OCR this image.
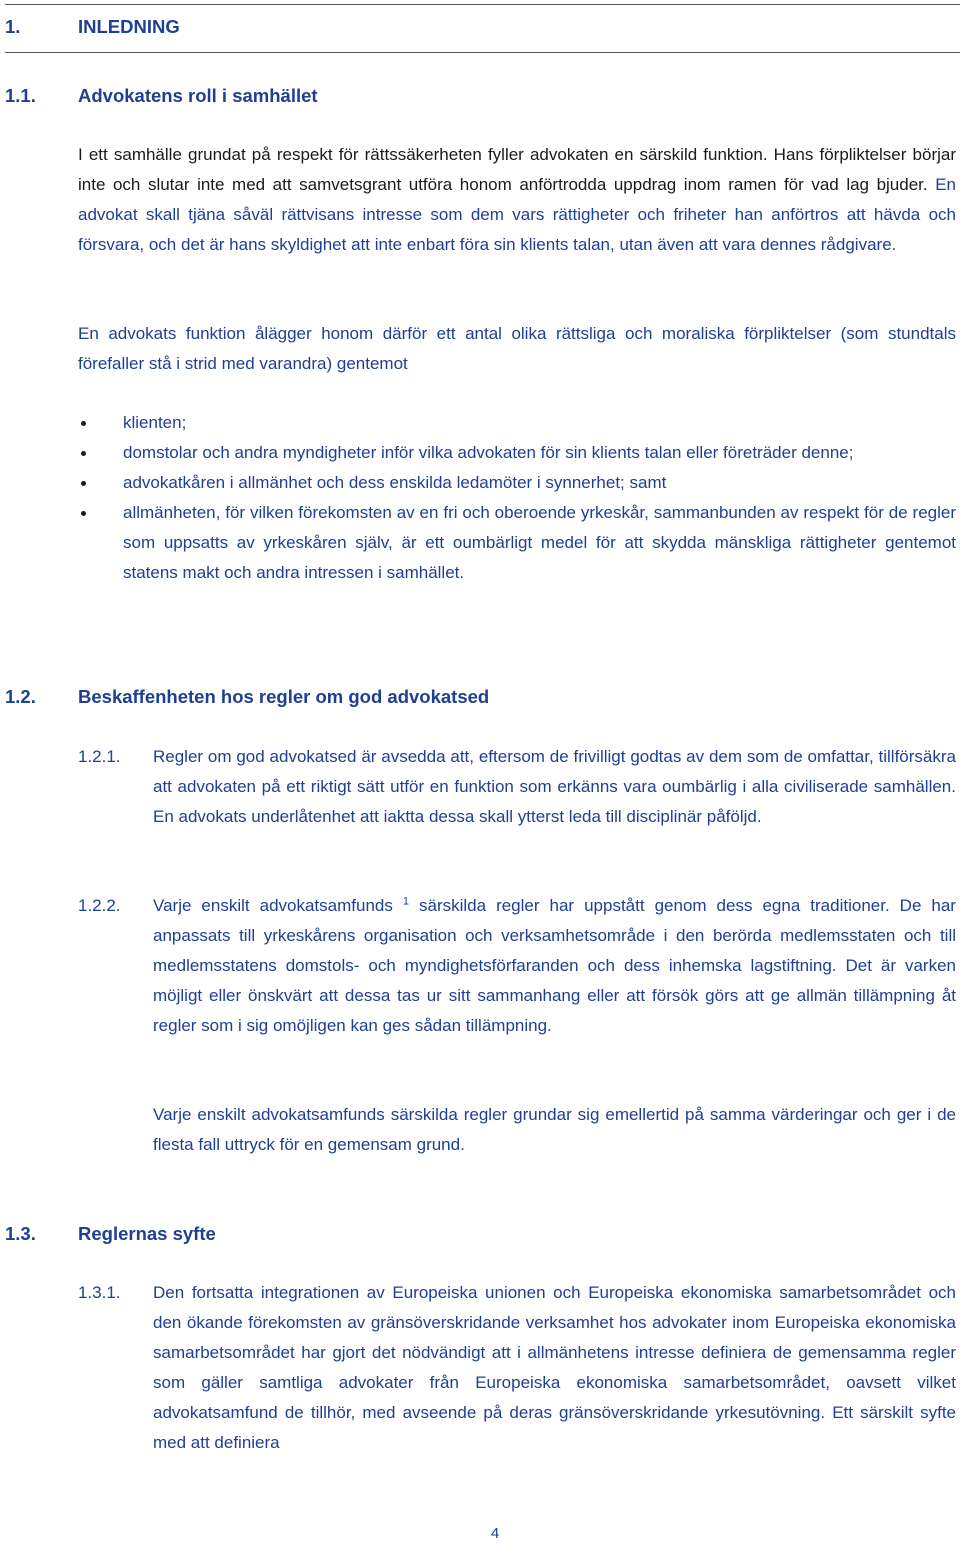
1.	INLEDNING
1.1. Advokatens roll i samhället

I ett samhälle grundat på respekt för rättssäkerheten fyller advokaten en särskild funktion. Hans förpliktelser börjar inte och slutar inte med att samvetsgrant utföra honom anförtrodda uppdrag inom ramen för vad lag bjuder. En advokat skall tjäna såväl rättvisans intresse som dem vars rättigheter och friheter han anförtros att hävda och försvara, och det är hans skyldighet att inte enbart föra sin klients talan, utan även att vara dennes rådgivare.

En advokats funktion ålägger honom därför ett antal olika rättsliga och moraliska förpliktelser (som stundtals förefaller stå i strid med varandra) gentemot

klienten;
domstolar och andra myndigheter inför vilka advokaten för sin klients talan eller företräder denne;
advokatkåren i allmänhet och dess enskilda ledamöter i synnerhet; samt
allmänheten, för vilken förekomsten av en fri och oberoende yrkeskår, sammanbunden av respekt för de regler som uppsatts av yrkeskåren själv, är ett oumbärligt medel för att skydda mänskliga rättigheter gentemot statens makt och andra intressen i samhället.
1.2. Beskaffenheten hos regler om god advokatsed
1.2.1. Regler om god advokatsed är avsedda att, eftersom de frivilligt godtas av dem som de omfattar, tillförsäkra att advokaten på ett riktigt sätt utför en funktion som erkänns vara oumbärlig i alla civiliserade samhällen. En advokats underlåtenhet att iaktta dessa skall ytterst leda till disciplinär påföljd.
1.2.2. Varje enskilt advokatsamfunds $^1$ särskilda regler har uppstått genom dess egna traditioner. De har anpassats till yrkeskårens organisation och verksamhetsområde i den berörda medlemsstaten och till medlemsstatens domstols- och myndighetsförfaranden och dess inhemska lagstiftning. Det är varken möjligt eller önskvärt att dessa tas ur sitt sammanhang eller att försök görs att ge allmän tillämpning åt regler som i sig omöjligen kan ges sådan tillämpning.
Varje enskilt advokatsamfunds särskilda regler grundar sig emellertid på samma värderingar och ger i de flesta fall uttryck för en gemensam grund.
1.3. Reglernas syfte
1.3.1. Den fortsatta integrationen av Europeiska unionen och Europeiska ekonomiska samarbetsområdet och den ökande förekomsten av gränsöverskridande verksamhet hos advokater inom Europeiska ekonomiska samarbetsområdet har gjort det nödvändigt att i allmänhetens intresse definiera de gemensamma regler som gäller samtliga advokater från Europeiska ekonomiska samarbetsområdet, oavsett vilket advokatsamfund de tillhör, med avseende på deras gränsöverskridande yrkesutövning. Ett särskilt syfte med att definiera
4
